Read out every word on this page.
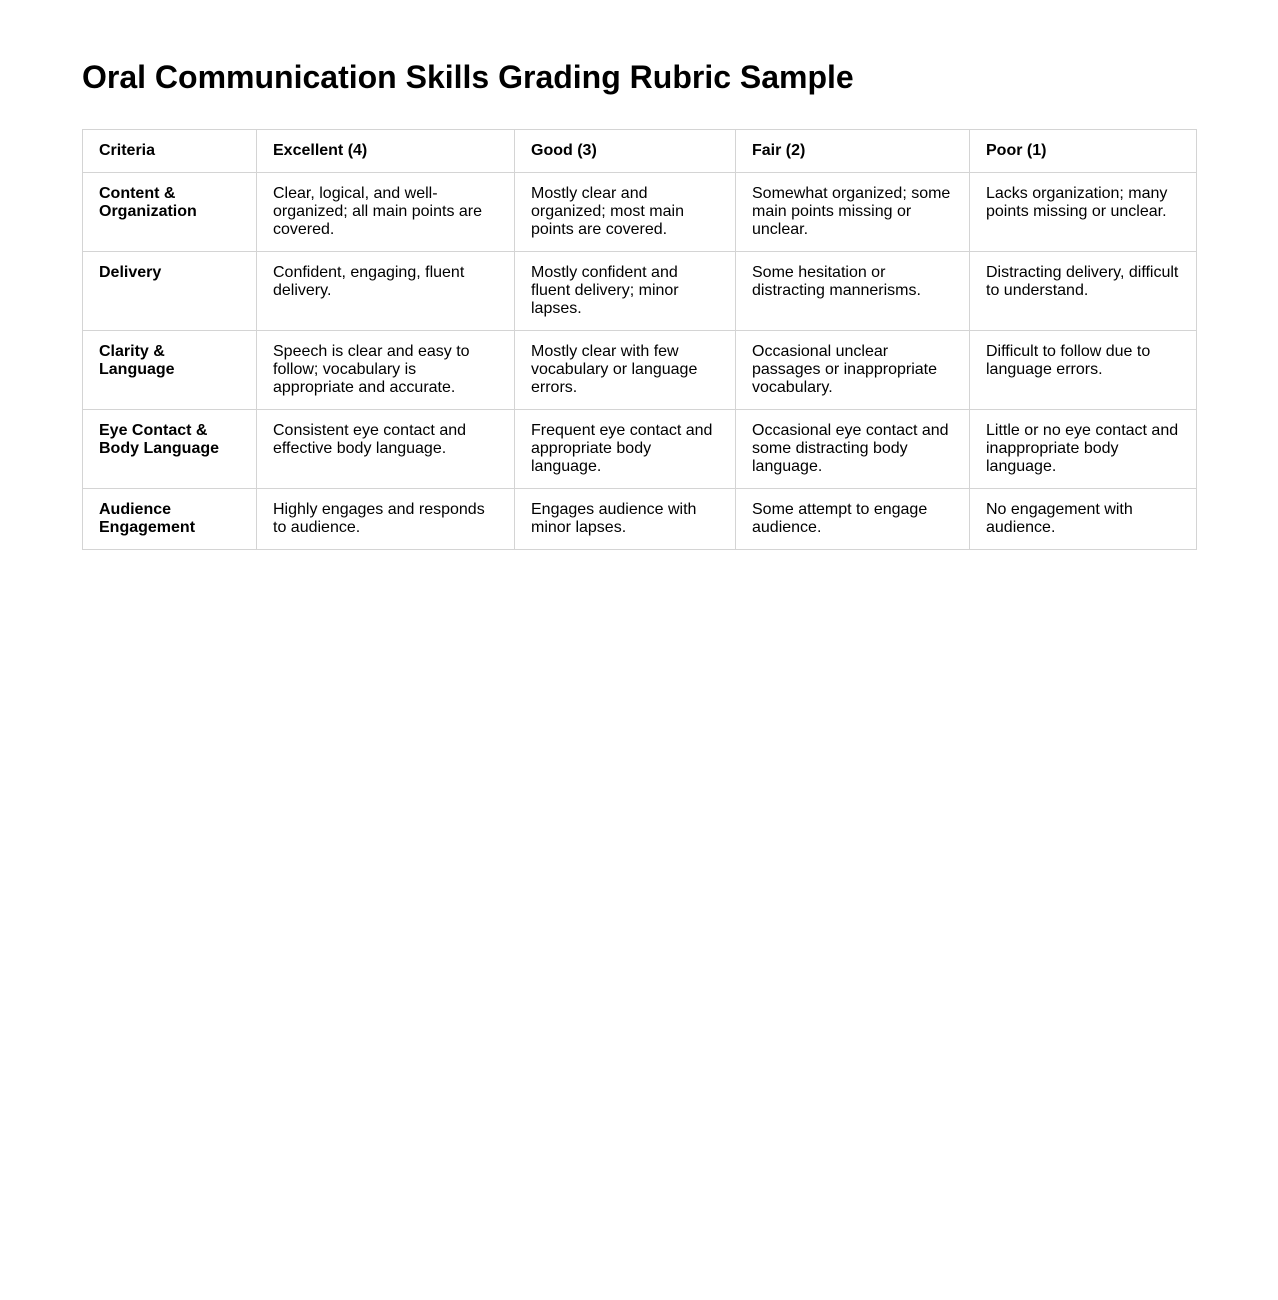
Oral Communication Skills Grading Rubric Sample
Criteria	Excellent (4)	Good (3)	Fair (2)	Poor (1)
Content & Organization	Clear, logical, and well-organized; all main points are covered.	Mostly clear and organized; most main points are covered.	Somewhat organized; some main points missing or unclear.	Lacks organization; many points missing or unclear.
Delivery	Confident, engaging, fluent delivery.	Mostly confident and fluent delivery; minor lapses.	Some hesitation or distracting mannerisms.	Distracting delivery, difficult to understand.
Clarity & Language	Speech is clear and easy to follow; vocabulary is appropriate and accurate.	Mostly clear with few vocabulary or language errors.	Occasional unclear passages or inappropriate vocabulary.	Difficult to follow due to language errors.
Eye Contact & Body Language	Consistent eye contact and effective body language.	Frequent eye contact and appropriate body language.	Occasional eye contact and some distracting body language.	Little or no eye contact and inappropriate body language.
Audience Engagement	Highly engages and responds to audience.	Engages audience with minor lapses.	Some attempt to engage audience.	No engagement with audience.
